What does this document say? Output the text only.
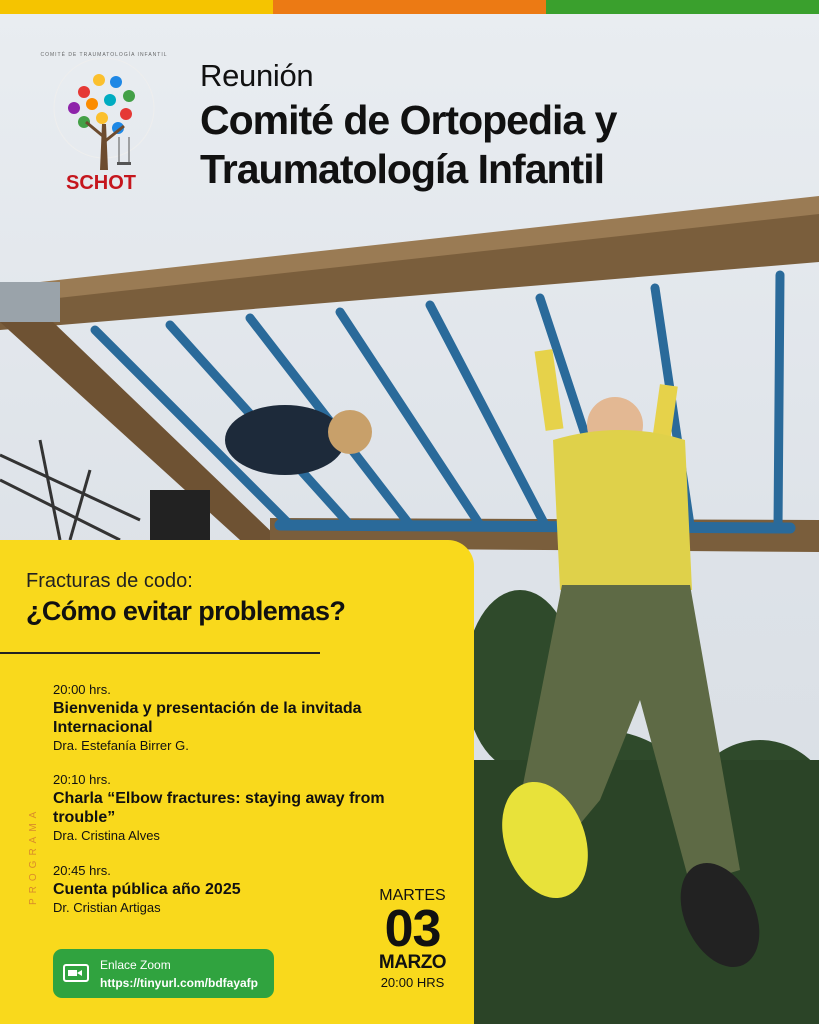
COMITÉ DE TRAUMATOLOGÍA INFANTIL
SCHOT
Reunión
Comité de Ortopedia y
Traumatología Infantil
Fracturas de codo:
¿Cómo evitar problemas?
20:00 hrs.
Bienvenida y presentación de la invitada Internacional
Dra. Estefanía Birrer G.
20:10 hrs.
Charla “Elbow fractures: staying away from trouble”
Dra. Cristina Alves
20:45 hrs.
Cuenta pública año 2025
Dr. Cristian Artigas
PROGRAMA	MARTES
03
MARZO
20:00 HRS
Enlace Zoom
https://tinyurl.com/bdfayafp
